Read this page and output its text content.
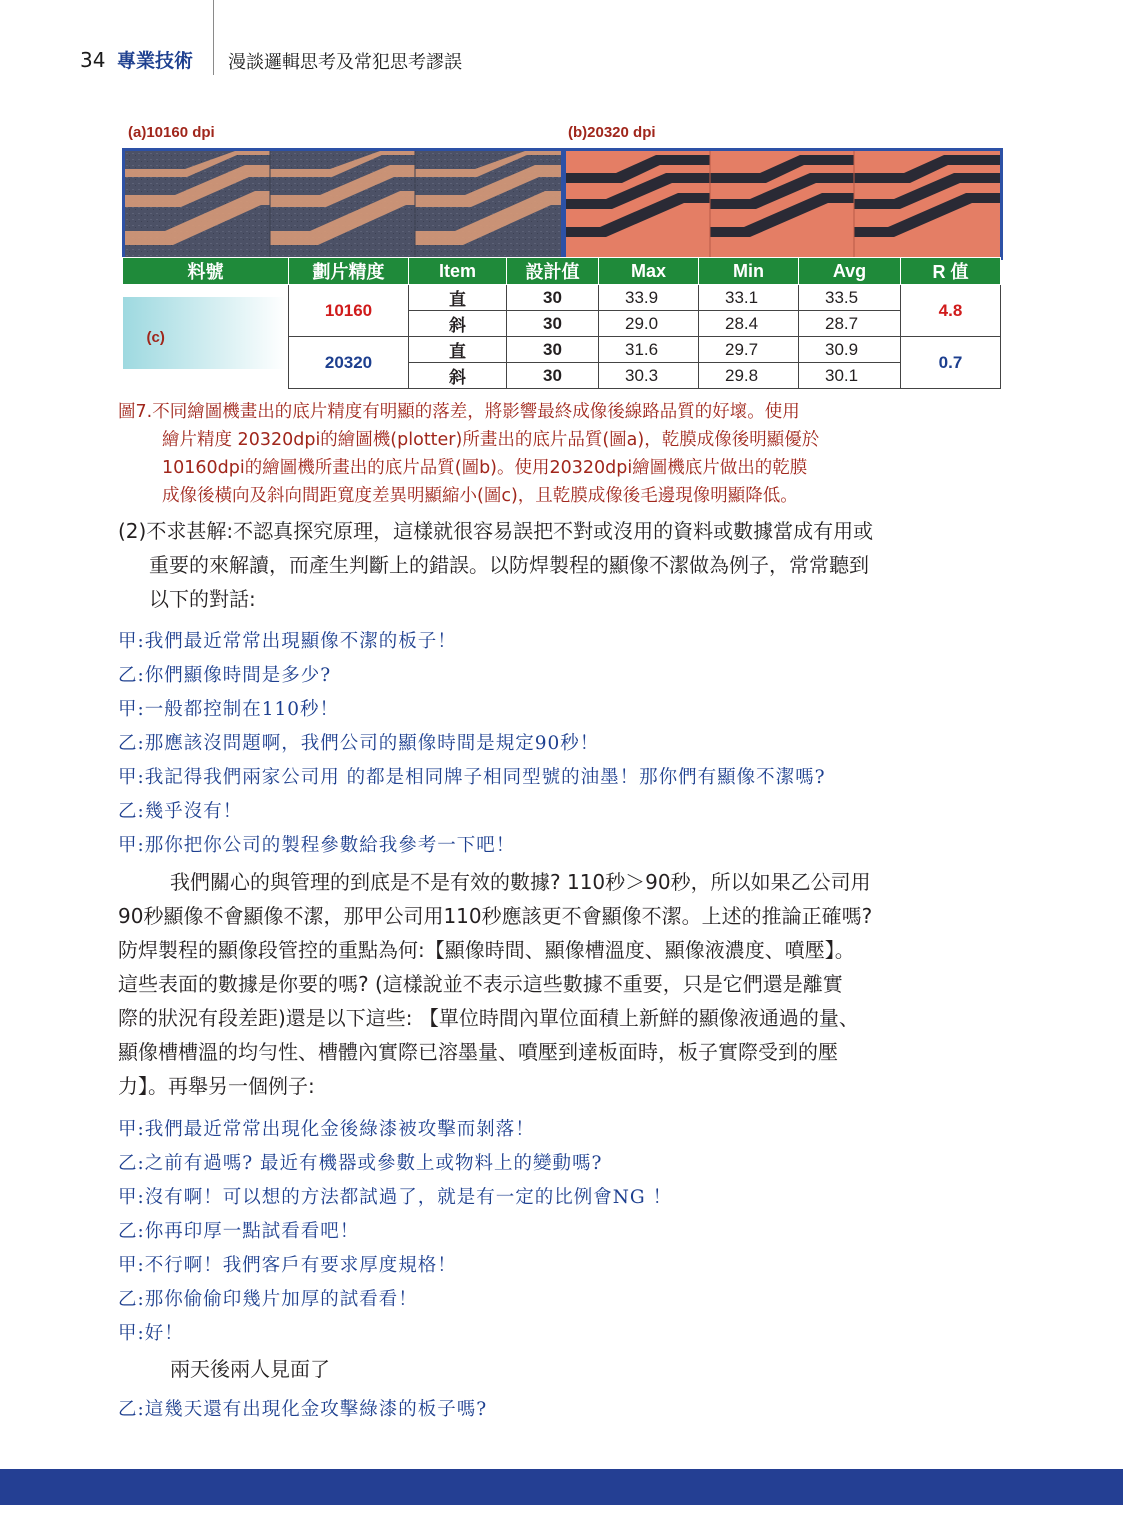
34 專業技術 漫談邏輯思考及常犯思考謬誤
(a)10160 dpi	(b)20320 dpi
料號	劃片精度	Item	設計值	Max	Min	Avg	R 值

(c)	10160	直	30	33.9	33.1	33.5	4.8
		斜	30	29.0	28.4	28.7	
	20320	直	30	31.6	29.7	30.9	0.7
		斜	30	30.3	29.8	30.1	
圖7.不同繪圖機畫出的底片精度有明顯的落差，將影響最終成像後線路品質的好壞。使用
繪片精度 20320dpi的繪圖機(plotter)所畫出的底片品質(圖a)，乾膜成像後明顯優於
10160dpi的繪圖機所畫出的底片品質(圖b)。使用20320dpi繪圖機底片做出的乾膜
成像後橫向及斜向間距寬度差異明顯縮小(圖c)，且乾膜成像後毛邊現像明顯降低。
(2)不求甚解:不認真探究原理，這樣就很容易誤把不對或沒用的資料或數據當成有用或
重要的來解讀，而產生判斷上的錯誤。以防焊製程的顯像不潔做為例子，常常聽到
以下的對話:
甲:我們最近常常出現顯像不潔的板子！
乙:你們顯像時間是多少?
甲:一般都控制在110秒！
乙:那應該沒問題啊，我們公司的顯像時間是規定90秒！
甲:我記得我們兩家公司用 的都是相同牌子相同型號的油墨！那你們有顯像不潔嗎?
乙:幾乎沒有！
甲:那你把你公司的製程參數給我參考一下吧！
我們關心的與管理的到底是不是有效的數據? 110秒＞90秒，所以如果乙公司用
90秒顯像不會顯像不潔，那甲公司用110秒應該更不會顯像不潔。上述的推論正確嗎?
防焊製程的顯像段管控的重點為何:【顯像時間、顯像槽溫度、顯像液濃度、噴壓】。
這些表面的數據是你要的嗎? (這樣說並不表示這些數據不重要，只是它們還是離實
際的狀況有段差距)還是以下這些: 【單位時間內單位面積上新鮮的顯像液通過的量、
顯像槽槽溫的均勻性、槽體內實際已溶墨量、噴壓到達板面時，板子實際受到的壓
力】。再舉另一個例子:
甲:我們最近常常出現化金後綠漆被攻擊而剝落！
乙:之前有過嗎? 最近有機器或參數上或物料上的變動嗎?
甲:沒有啊！可以想的方法都試過了，就是有一定的比例會NG ！
乙:你再印厚一點試看看吧！
甲:不行啊！我們客戶有要求厚度規格！
乙:那你偷偷印幾片加厚的試看看！
甲:好！
兩天後兩人見面了
乙:這幾天還有出現化金攻擊綠漆的板子嗎?
